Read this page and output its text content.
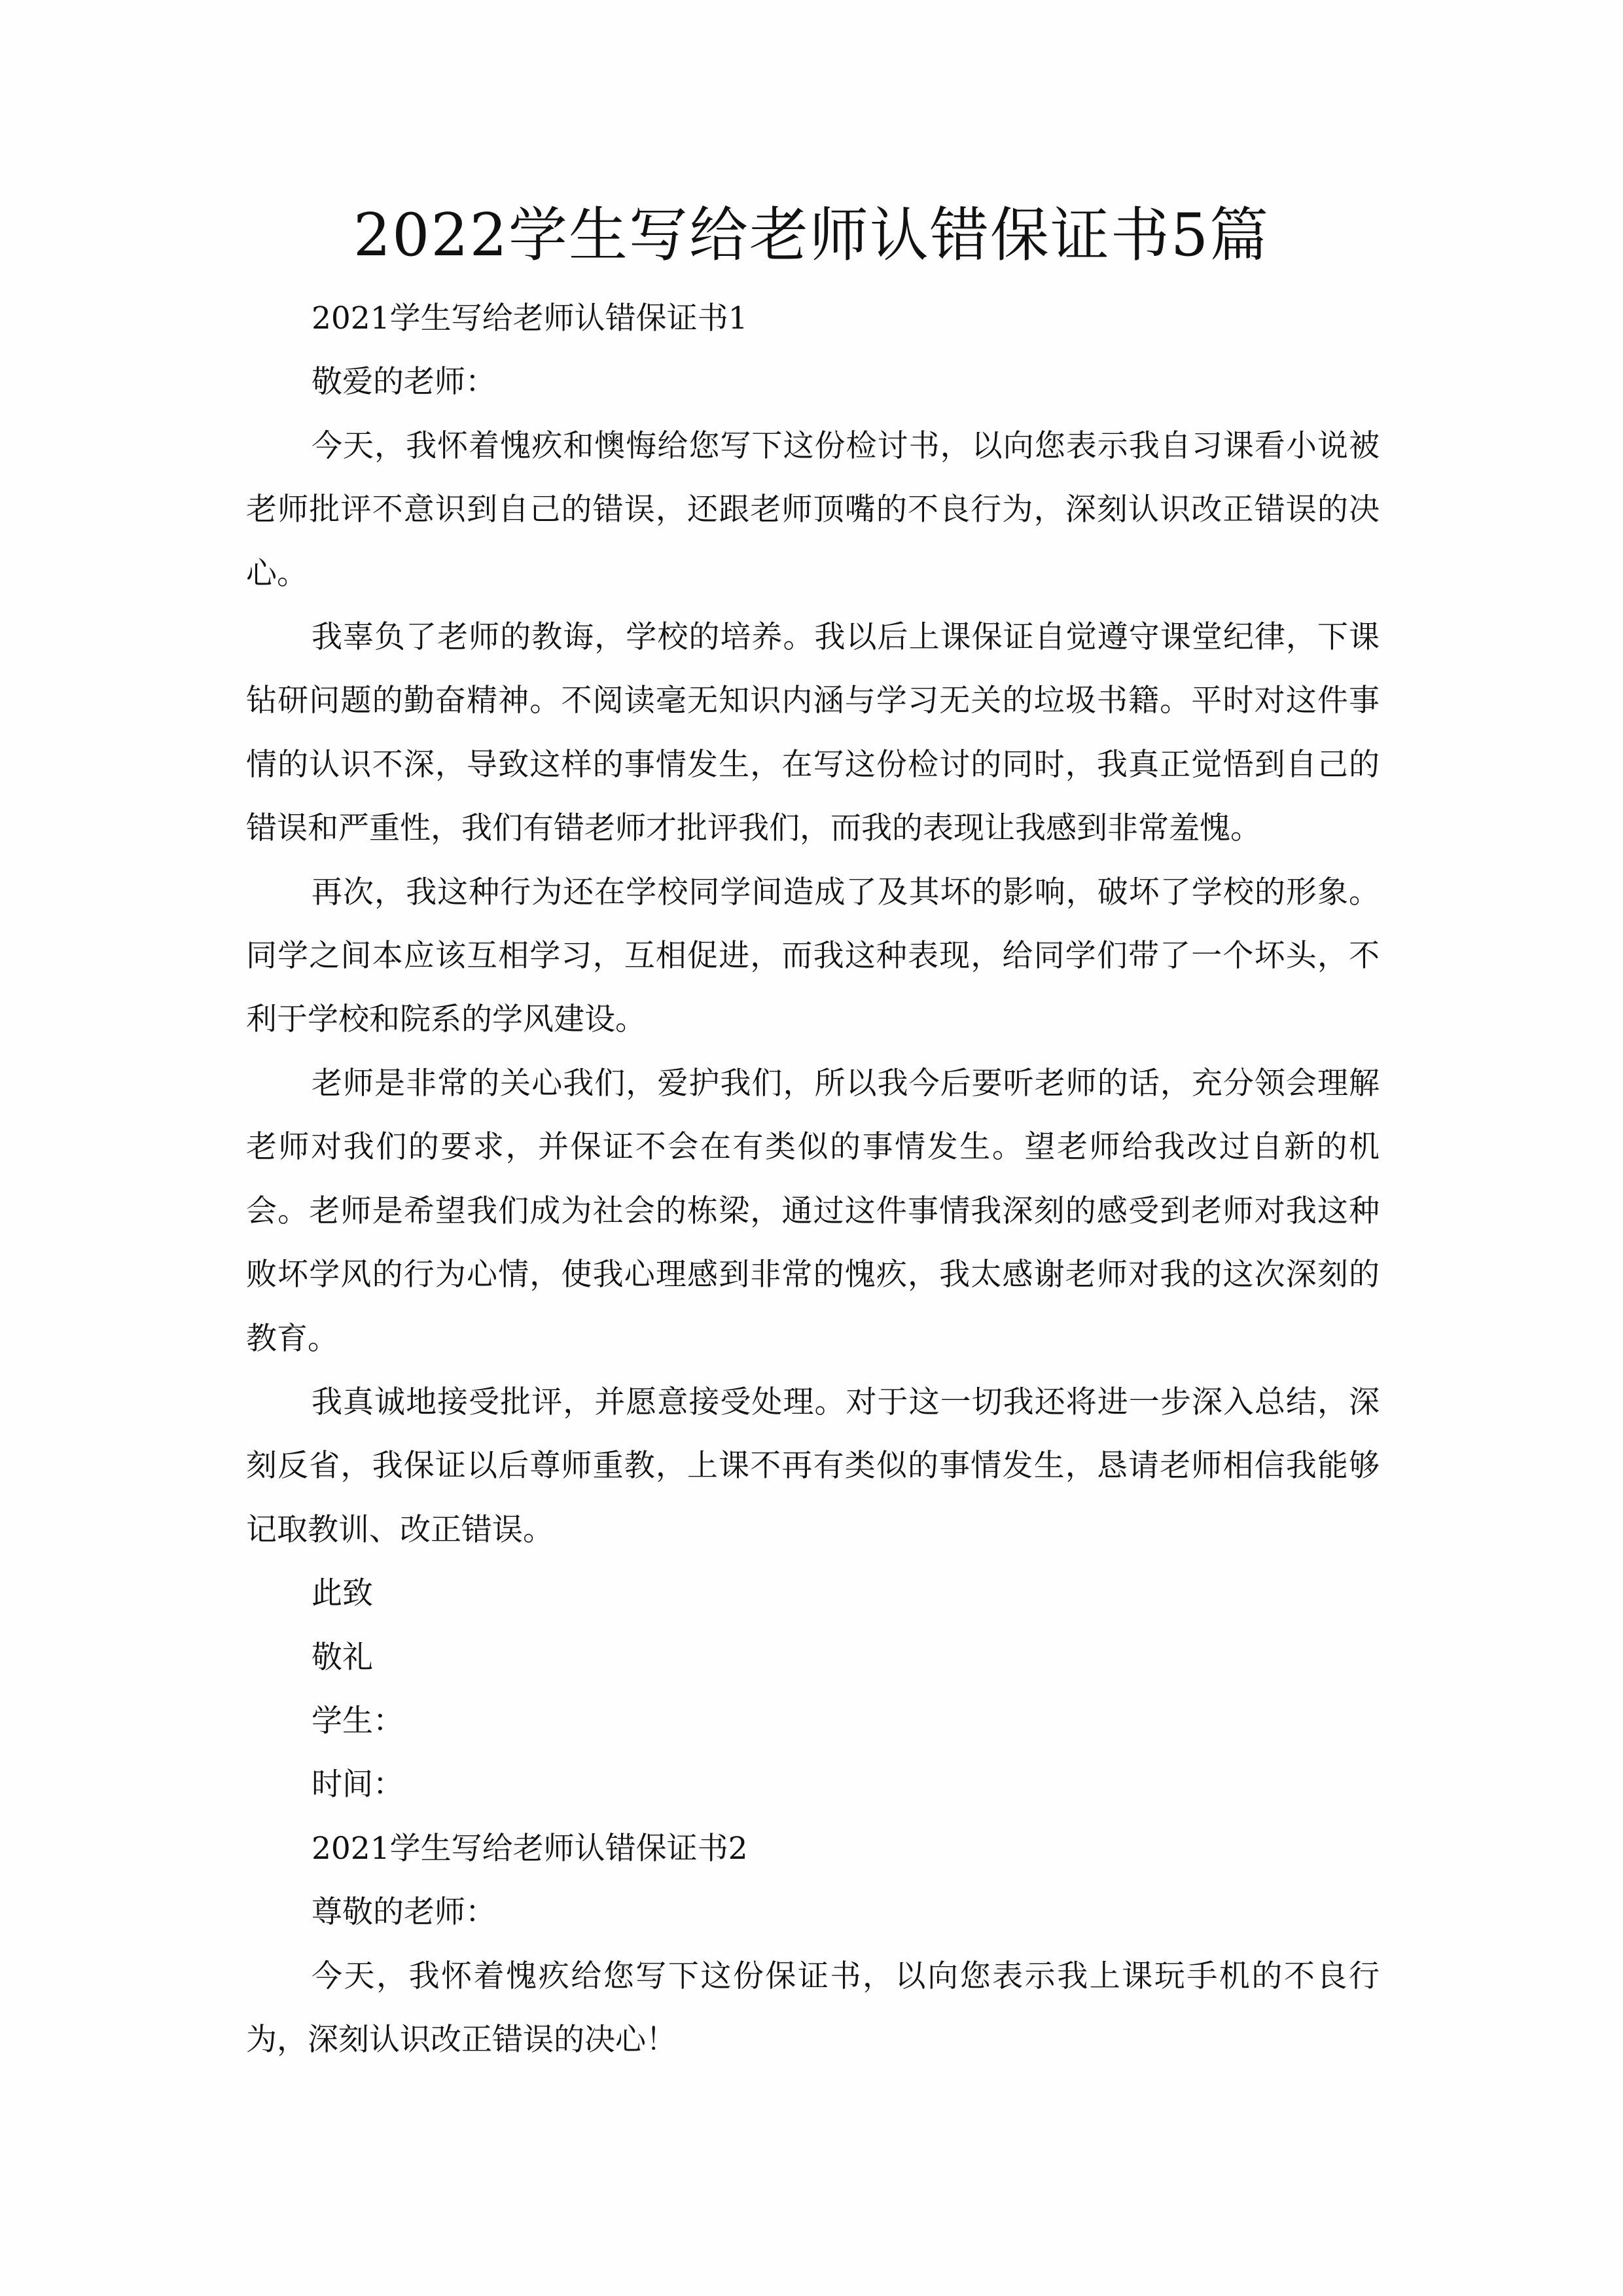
2022学生写给老师认错保证书5篇

2021学生写给老师认错保证书1

敬爱的老师：

今天，我怀着愧疚和懊悔给您写下这份检讨书，以向您表示我自习课看小说被老师批评不意识到自己的错误，还跟老师顶嘴的不良行为，深刻认识改正错误的决心。

我辜负了老师的教诲，学校的培养。我以后上课保证自觉遵守课堂纪律，下课钻研问题的勤奋精神。不阅读毫无知识内涵与学习无关的垃圾书籍。平时对这件事情的认识不深，导致这样的事情发生，在写这份检讨的同时，我真正觉悟到自己的错误和严重性，我们有错老师才批评我们，而我的表现让我感到非常羞愧。

再次，我这种行为还在学校同学间造成了及其坏的影响，破坏了学校的形象。同学之间本应该互相学习，互相促进，而我这种表现，给同学们带了一个坏头，不利于学校和院系的学风建设。

老师是非常的关心我们，爱护我们，所以我今后要听老师的话，充分领会理解老师对我们的要求，并保证不会在有类似的事情发生。望老师给我改过自新的机会。老师是希望我们成为社会的栋梁，通过这件事情我深刻的感受到老师对我这种败坏学风的行为心情，使我心理感到非常的愧疚，我太感谢老师对我的这次深刻的教育。

我真诚地接受批评，并愿意接受处理。对于这一切我还将进一步深入总结，深刻反省，我保证以后尊师重教，上课不再有类似的事情发生，恳请老师相信我能够记取教训、改正错误。

此致

敬礼

学生：

时间：

2021学生写给老师认错保证书2

尊敬的老师：

今天，我怀着愧疚给您写下这份保证书，以向您表示我上课玩手机的不良行为，深刻认识改正错误的决心！
